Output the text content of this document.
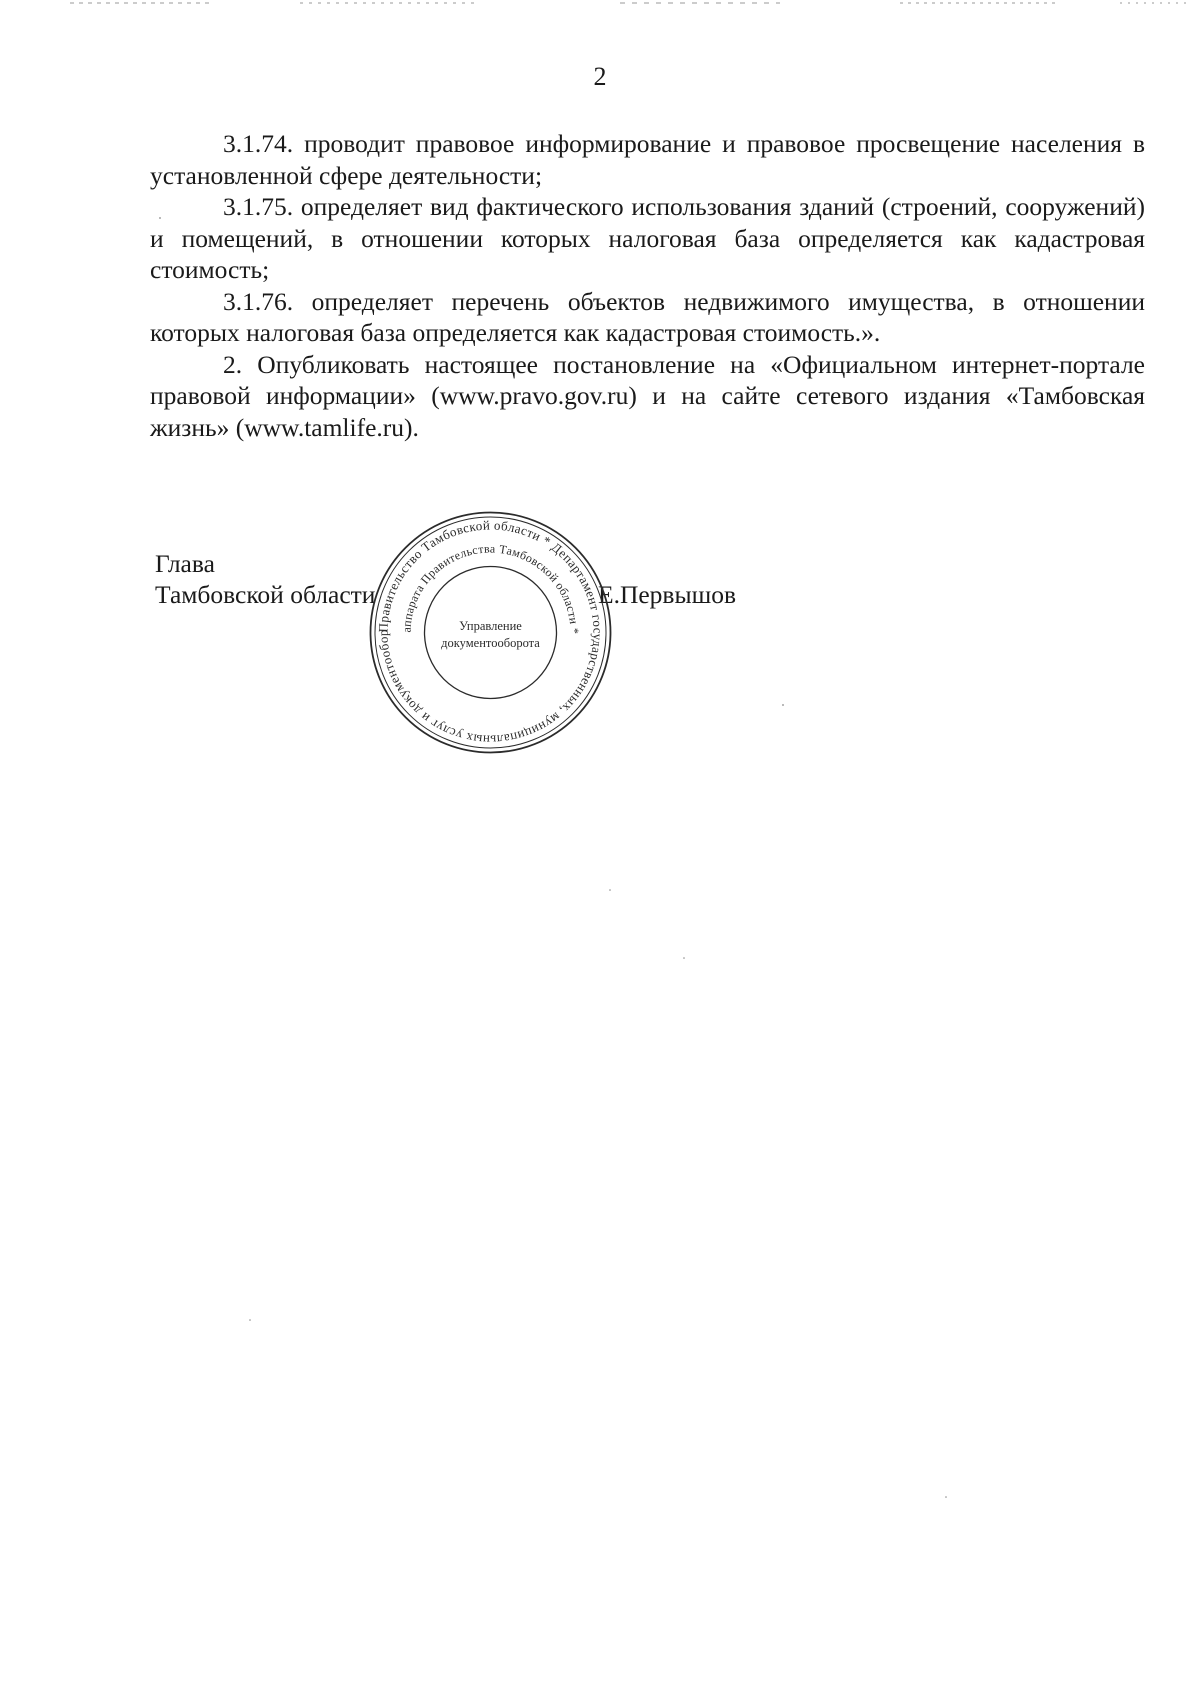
2

3.1.74. проводит правовое информирование и правовое просвещение населения в установленной сфере деятельности;

3.1.75. определяет вид фактического использования зданий (строений, сооружений) и помещений, в отношении которых налоговая база определяется как кадастровая стоимость;

3.1.76. определяет перечень объектов недвижимого имущества, в отношении которых налоговая база определяется как кадастровая стоимость.».

2. Опубликовать настоящее постановление на «Официальном интернет-портале правовой информации» (www.pravo.gov.ru) и на сайте сетевого издания «Тамбовская жизнь» (www.tamlife.ru).

Глава
Тамбовской области	Е.Первышов
Правительство Тамбовской области * Департамент государственных, муниципальных услуг и документообор аппарата Правительства Тамбовской области *
Управление
документооборота
